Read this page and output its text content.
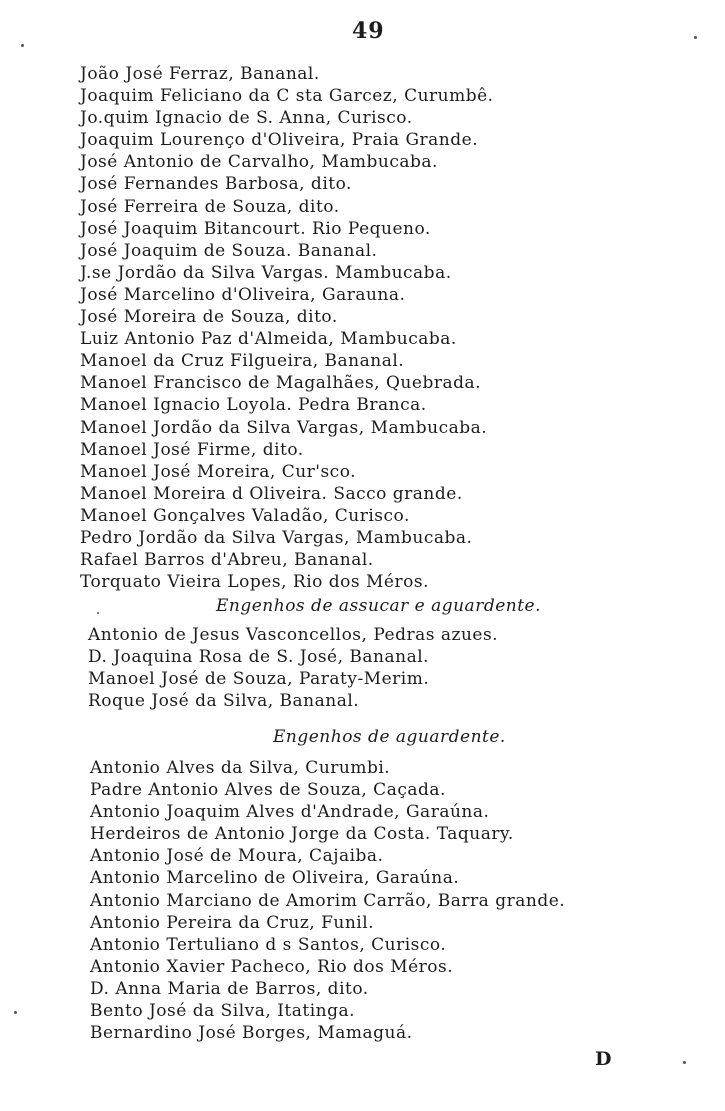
49
João José Ferraz, Bananal.
Joaquim Feliciano da C sta Garcez, Curumbê.
Jo.quim Ignacio de S. Anna, Curisco.
Joaquim Lourenço d'Oliveira, Praia Grande.
José Antonio de Carvalho, Mambucaba.
José Fernandes Barbosa, dito.
José Ferreira de Souza, dito.
José Joaquim Bitancourt. Rio Pequeno.
José Joaquim de Souza. Bananal.
J.se Jordão da Silva Vargas. Mambucaba.
José Marcelino d'Oliveira, Garauna.
José Moreira de Souza, dito.
Luiz Antonio Paz d'Almeida, Mambucaba.
Manoel da Cruz Filgueira, Bananal.
Manoel Francisco de Magalhães, Quebrada.
Manoel Ignacio Loyola. Pedra Branca.
Manoel Jordão da Silva Vargas, Mambucaba.
Manoel José Firme, dito.
Manoel José Moreira, Cur'sco.
Manoel Moreira d Oliveira. Sacco grande.
Manoel Gonçalves Valadão, Curisco.
Pedro Jordão da Silva Vargas, Mambucaba.
Rafael Barros d'Abreu, Bananal.
Torquato Vieira Lopes, Rio dos Méros.
Engenhos de assucar e aguardente.
Antonio de Jesus Vasconcellos, Pedras azues.
D. Joaquina Rosa de S. José, Bananal.
Manoel José de Souza, Paraty-Merim.
Roque José da Silva, Bananal.
Engenhos de aguardente.
Antonio Alves da Silva, Curumbi.
Padre Antonio Alves de Souza, Caçada.
Antonio Joaquim Alves d'Andrade, Garaúna.
Herdeiros de Antonio Jorge da Costa. Taquary.
Antonio José de Moura, Cajaiba.
Antonio Marcelino de Oliveira, Garaúna.
Antonio Marciano de Amorim Carrão, Barra grande.
Antonio Pereira da Cruz, Funil.
Antonio Tertuliano d s Santos, Curisco.
Antonio Xavier Pacheco, Rio dos Méros.
D. Anna Maria de Barros, dito.
Bento José da Silva, Itatinga.
Bernardino José Borges, Mamaguá.
D
